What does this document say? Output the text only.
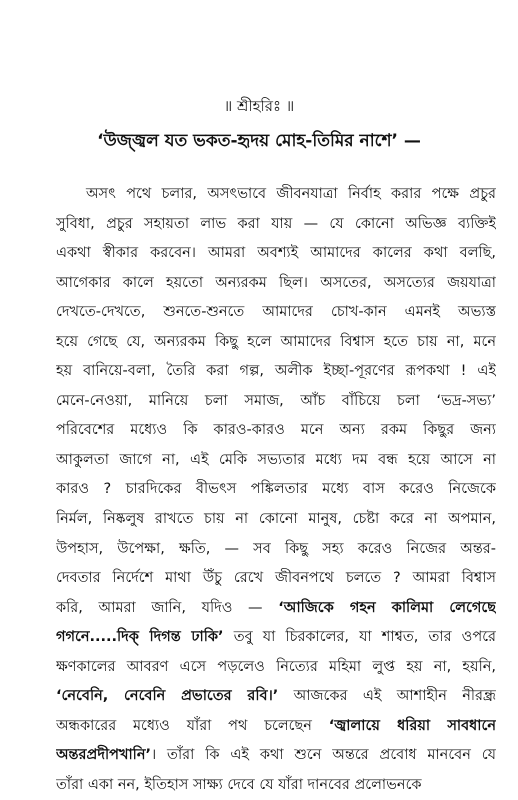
॥ শ্রীহরিঃ ॥
‘উজ্জ্বল যত ভকত-হৃদয় মোহ-তিমির নাশে’ —
অসৎ পথে চলার, অসৎভাবে জীবনযাত্রা নির্বাহ করার পক্ষে প্রচুর
সুবিধা, প্রচুর সহায়তা লাভ করা যায় — যে কোনো অভিজ্ঞ ব্যক্তিই
একথা স্বীকার করবেন। আমরা অবশ্যই আমাদের কালের কথা বলছি,
আগেকার কালে হয়তো অন্যরকম ছিল। অসতের, অসত্যের জয়যাত্রা
দেখতে-দেখতে, শুনতে-শুনতে আমাদের চোখ-কান এমনই অভ্যস্ত
হয়ে গেছে যে, অন্যরকম কিছু হলে আমাদের বিশ্বাস হতে চায় না, মনে
হয় বানিয়ে-বলা, তৈরি করা গল্প, অলীক ইচ্ছা-পূরণের রূপকথা ! এই
মেনে-নেওয়া, মানিয়ে চলা সমাজ, আঁচ বাঁচিয়ে চলা ‘ভদ্র-সভ্য’
পরিবেশের মধ্যেও কি কারও-কারও মনে অন্য রকম কিছুর জন্য
আকুলতা জাগে না, এই মেকি সভ্যতার মধ্যে দম বন্ধ হয়ে আসে না
কারও ? চারদিকের বীভৎস পঙ্কিলতার মধ্যে বাস করেও নিজেকে
নির্মল, নিষ্কলুষ রাখতে চায় না কোনো মানুষ, চেষ্টা করে না অপমান,
উপহাস, উপেক্ষা, ক্ষতি, — সব কিছু সহ্য করেও নিজের অন্তর-
দেবতার নির্দেশে মাথা উঁচু রেখে জীবনপথে চলতে ? আমরা বিশ্বাস
করি, আমরা জানি, যদিও — ‘আজিকে গহন কালিমা লেগেছে
গগনে.....দিক্ দিগন্ত ঢাকি’ তবু যা চিরকালের, যা শাশ্বত, তার ওপরে
ক্ষণকালের আবরণ এসে পড়লেও নিত্যের মহিমা লুপ্ত হয় না, হয়নি,
‘নেবেনি, নেবেনি প্রভাতের রবি।’ আজকের এই আশাহীন নীরন্ধ্র
অন্ধকারের মধ্যেও যাঁরা পথ চলেছেন ‘জ্বালায়ে ধরিয়া সাবধানে
অন্তরপ্রদীপখানি’। তাঁরা কি এই কথা শুনে অন্তরে প্রবোধ মানবেন যে
তাঁরা একা নন, ইতিহাস সাক্ষ্য দেবে যে যাঁরা দানবের প্রলোভনকে
